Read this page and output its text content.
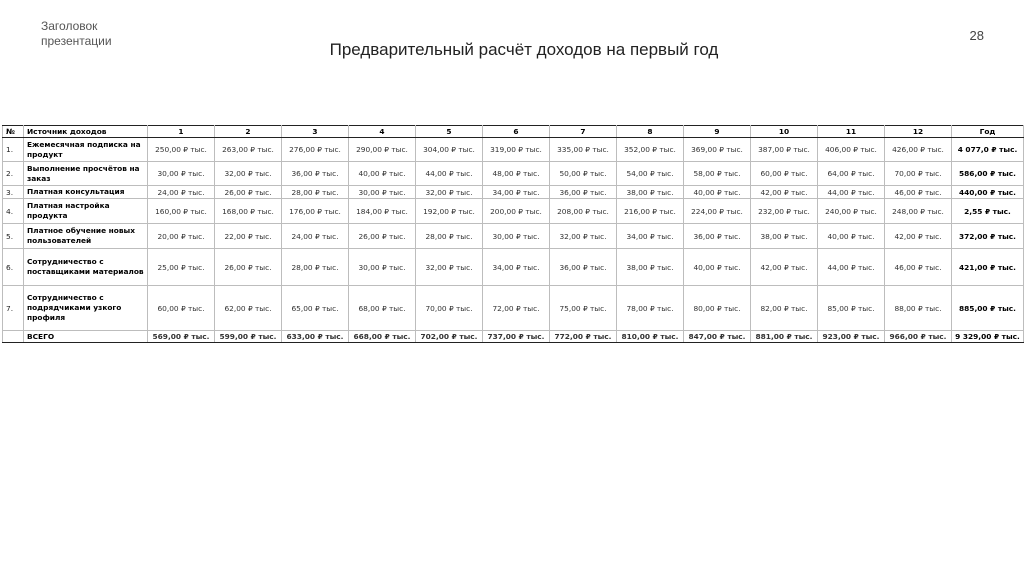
Заголовок презентации	28
Предварительный расчёт доходов на первый год
№	Источник доходов	1	2	3	4	5	6	7	8	9	10	11	12	Год
1.	Ежемесячная подписка на продукт	250,00 ₽ тыс.	263,00 ₽ тыс.	276,00 ₽ тыс.	290,00 ₽ тыс.	304,00 ₽ тыс.	319,00 ₽ тыс.	335,00 ₽ тыс.	352,00 ₽ тыс.	369,00 ₽ тыс.	387,00 ₽ тыс.	406,00 ₽ тыс.	426,00 ₽ тыс.	4 077,0 ₽ тыс.
2.	Выполнение просчётов на заказ	30,00 ₽ тыс.	32,00 ₽ тыс.	36,00 ₽ тыс.	40,00 ₽ тыс.	44,00 ₽ тыс.	48,00 ₽ тыс.	50,00 ₽ тыс.	54,00 ₽ тыс.	58,00 ₽ тыс.	60,00 ₽ тыс.	64,00 ₽ тыс.	70,00 ₽ тыс.	586,00 ₽ тыс.
3.	Платная консультация	24,00 ₽ тыс.	26,00 ₽ тыс.	28,00 ₽ тыс.	30,00 ₽ тыс.	32,00 ₽ тыс.	34,00 ₽ тыс.	36,00 ₽ тыс.	38,00 ₽ тыс.	40,00 ₽ тыс.	42,00 ₽ тыс.	44,00 ₽ тыс.	46,00 ₽ тыс.	440,00 ₽ тыс.
4.	Платная настройка продукта	160,00 ₽ тыс.	168,00 ₽ тыс.	176,00 ₽ тыс.	184,00 ₽ тыс.	192,00 ₽ тыс.	200,00 ₽ тыс.	208,00 ₽ тыс.	216,00 ₽ тыс.	224,00 ₽ тыс.	232,00 ₽ тыс.	240,00 ₽ тыс.	248,00 ₽ тыс.	2,55 ₽ тыс.
5.	Платное обучение новых пользователей	20,00 ₽ тыс.	22,00 ₽ тыс.	24,00 ₽ тыс.	26,00 ₽ тыс.	28,00 ₽ тыс.	30,00 ₽ тыс.	32,00 ₽ тыс.	34,00 ₽ тыс.	36,00 ₽ тыс.	38,00 ₽ тыс.	40,00 ₽ тыс.	42,00 ₽ тыс.	372,00 ₽ тыс.
6.	Сотрудничество с поставщиками материалов	25,00 ₽ тыс.	26,00 ₽ тыс.	28,00 ₽ тыс.	30,00 ₽ тыс.	32,00 ₽ тыс.	34,00 ₽ тыс.	36,00 ₽ тыс.	38,00 ₽ тыс.	40,00 ₽ тыс.	42,00 ₽ тыс.	44,00 ₽ тыс.	46,00 ₽ тыс.	421,00 ₽ тыс.
7.	Сотрудничество с подрядчиками узкого профиля	60,00 ₽ тыс.	62,00 ₽ тыс.	65,00 ₽ тыс.	68,00 ₽ тыс.	70,00 ₽ тыс.	72,00 ₽ тыс.	75,00 ₽ тыс.	78,00 ₽ тыс.	80,00 ₽ тыс.	82,00 ₽ тыс.	85,00 ₽ тыс.	88,00 ₽ тыс.	885,00 ₽ тыс.
	ВСЕГО	569,00 ₽ тыс.	599,00 ₽ тыс.	633,00 ₽ тыс.	668,00 ₽ тыс.	702,00 ₽ тыс.	737,00 ₽ тыс.	772,00 ₽ тыс.	810,00 ₽ тыс.	847,00 ₽ тыс.	881,00 ₽ тыс.	923,00 ₽ тыс.	966,00 ₽ тыс.	9 329,00 ₽ тыс.
